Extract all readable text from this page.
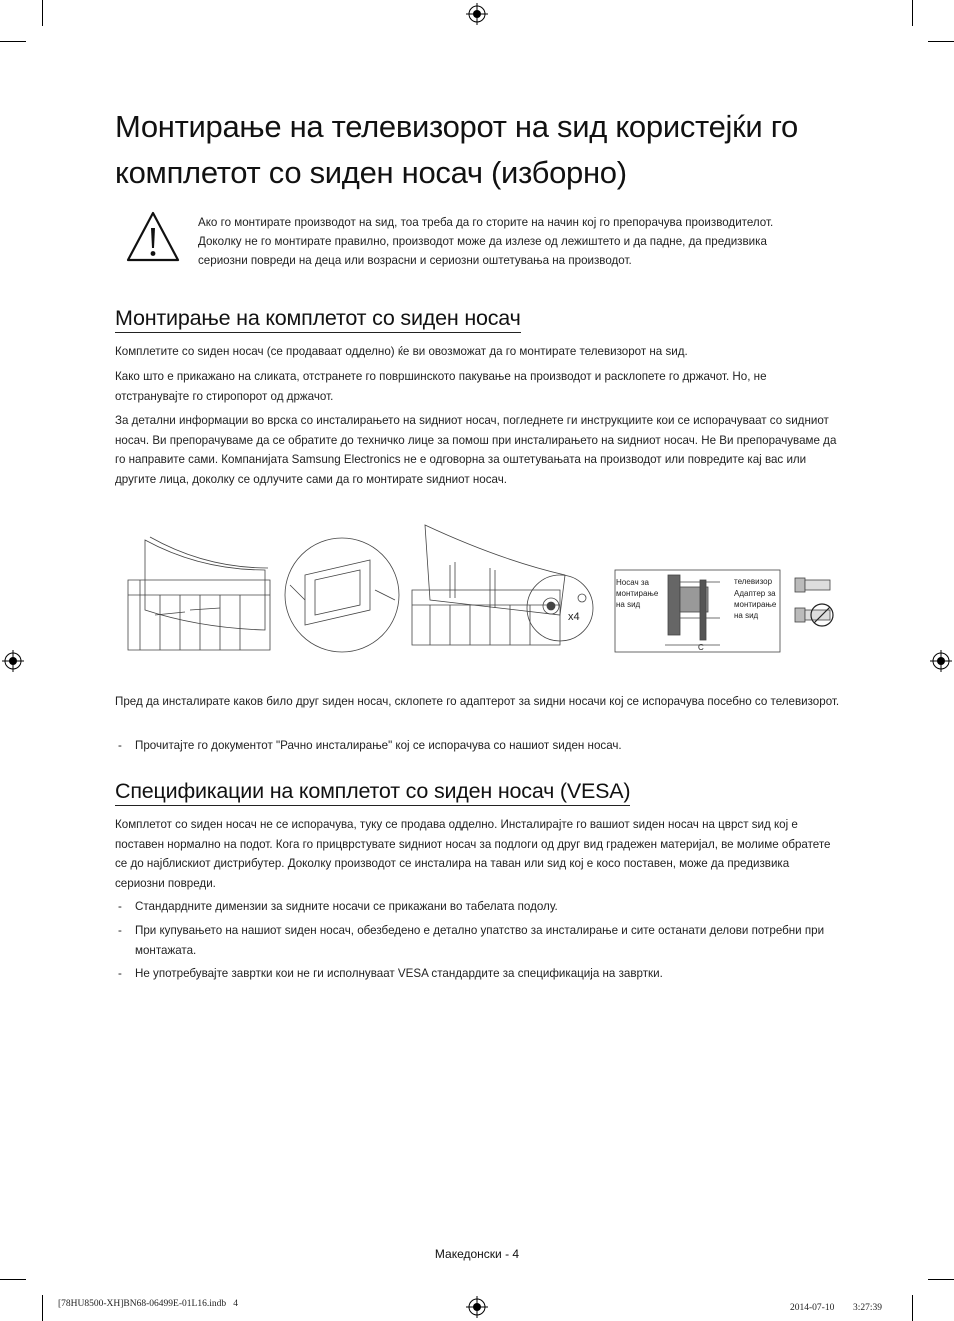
Монтирање на телевизорот на ѕид користејќи го комплетот со ѕиден носач (изборно)

Ако го монтирате производот на ѕид, тоа треба да го сторите на начин кој го препорачува производителот.

Доколку не го монтирате правилно, производот може да излезе од лежиштето и да падне, да предизвика

сериозни повреди на деца или возрасни и сериозни оштетувања на производот.

Монтирање на комплетот со ѕиден носач

Комплетите со ѕиден носач (се продаваат одделно) ќе ви овозможат да го монтирате телевизорот на ѕид.

Како што е прикажано на сликата, отстранете го површинското пакување на производот и расклопете го држачот. Но, не отстранувајте го стиропорот од држачот.

За детални информации во врска со инсталирањето на ѕидниот носач, погледнете ги инструкциите кои се испорачуваат со ѕидниот носач. Ви препорачуваме да се обратите до техничко лице за помош при инсталирањето на ѕидниот носач. Не Ви препорачуваме да го направите сами. Компанијата Samsung Electronics не е одговорна за оштетувањата на производот или повредите кај вас или другите лица, доколку се одлучите сами да го монтирате ѕидниот носач.

x4
C
Носач за монтирање на ѕид
телевизор
Адаптер за монтирање на ѕид

Пред да инсталирате каков било друг ѕиден носач, склопете го адаптерот за ѕидни носачи кој се испорачува посебно со телевизорот.

- Прочитајте го документот "Рачно инсталирање" кој се испорачува со нашиот ѕиден носач.
Спецификации на комплетот со ѕиден носач (VESA)

Комплетот со ѕиден носач не се испорачува, туку се продава одделно. Инсталирајте го вашиот ѕиден носач на цврст ѕид кој е поставен нормално на подот. Кога го прицврстувате ѕидниот носач за подлоги од друг вид градежен материјал, ве молиме обратете се до најблискиот дистрибутер. Доколку производот се инсталира на таван или ѕид кој е косо поставен, може да предизвика сериозни повреди.

- Стандардните димензии за ѕидните носачи се прикажани во табелата подолу.
- При купувањето на нашиот ѕиден носач, обезбедено е детално упатство за инсталирање и сите останати делови потребни при монтажата.
- Не употребувајте завртки кои не ги исполнуваат VESA стандардите за спецификација на завртки.
Македонски - 4
[78HU8500-XH]BN68-06499E-01L16.indb   4	2014-07-10   ᅟ 3:27:39
